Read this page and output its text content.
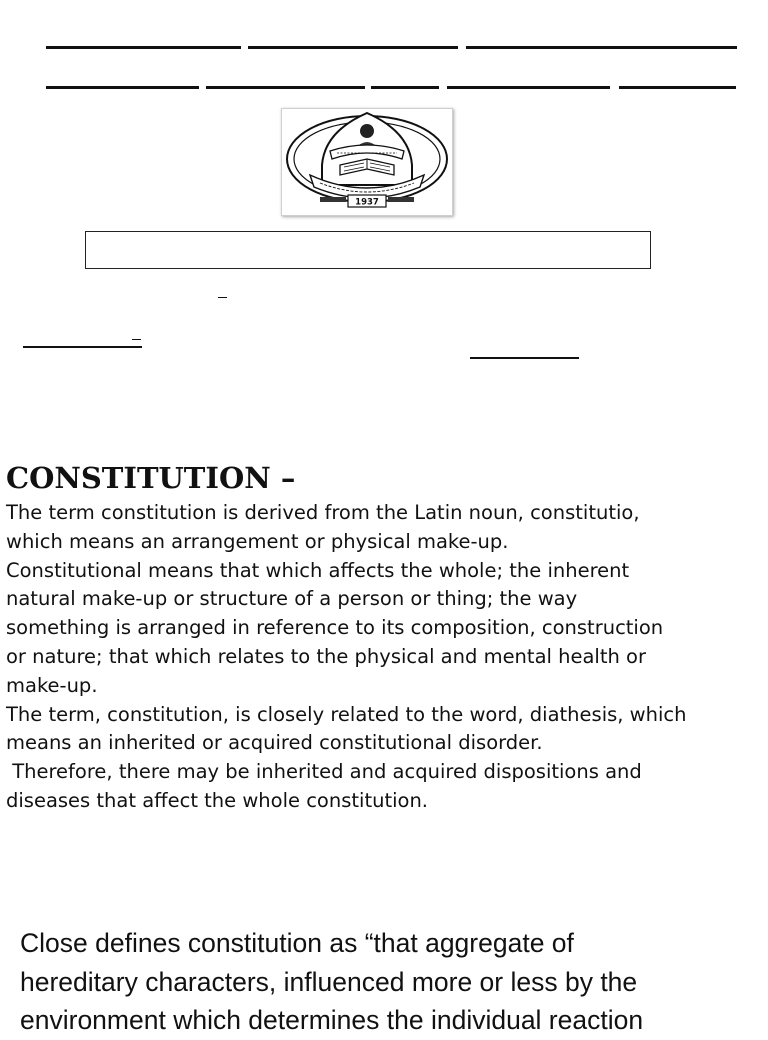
1937
CONSTITUTION –

The term constitution is derived from the Latin noun, constitutio,

which means an arrangement or physical make-up.

Constitutional means that which affects the whole; the inherent

natural make-up or structure of a person or thing; the way

something is arranged in reference to its composition, construction

or nature; that which relates to the physical and mental health or

make-up.

The term, constitution, is closely related to the word, diathesis, which

means an inherited or acquired constitutional disorder.

Therefore, there may be inherited and acquired dispositions and

diseases that affect the whole constitution.

Close defines constitution as “that aggregate of
hereditary characters, influenced more or less by the
environment which determines the individual reaction
